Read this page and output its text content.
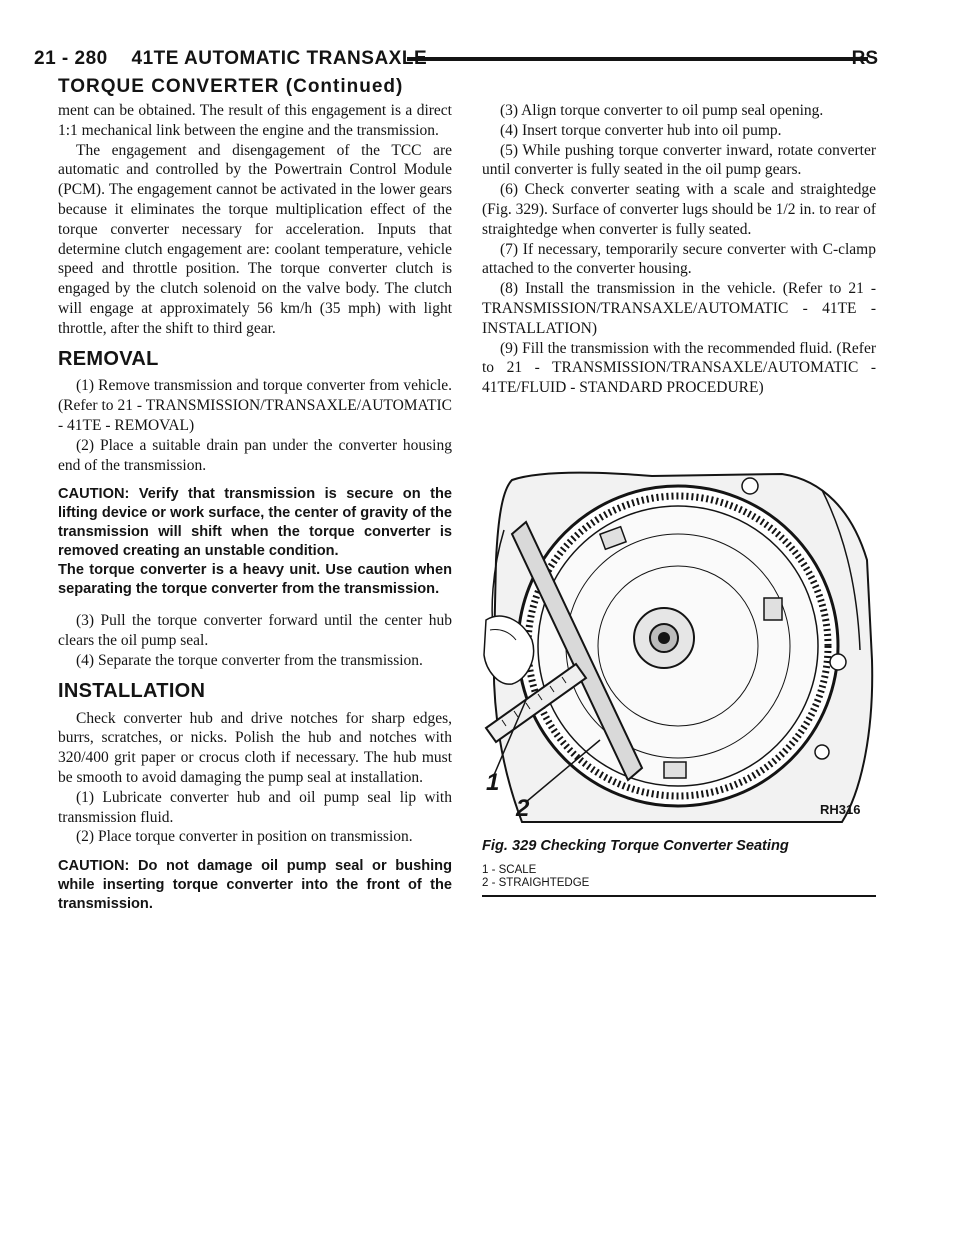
21 - 280 41TE AUTOMATIC TRANSAXLE	RS
TORQUE CONVERTER (Continued)

ment can be obtained. The result of this engagement is a direct 1:1 mechanical link between the engine and the transmission.

The engagement and disengagement of the TCC are automatic and controlled by the Powertrain Control Module (PCM). The engagement cannot be activated in the lower gears because it eliminates the torque multiplication effect of the torque converter necessary for acceleration. Inputs that determine clutch engagement are: coolant temperature, vehicle speed and throttle position. The torque converter clutch is engaged by the clutch solenoid on the valve body. The clutch will engage at approximately 56 km/h (35 mph) with light throttle, after the shift to third gear.

REMOVAL

(1) Remove transmission and torque converter from vehicle. (Refer to 21 - TRANSMISSION/TRANSAXLE/AUTOMATIC - 41TE - REMOVAL)

(2) Place a suitable drain pan under the converter housing end of the transmission.

CAUTION: Verify that transmission is secure on the lifting device or work surface, the center of gravity of the transmission will shift when the torque converter is removed creating an unstable condition.
The torque converter is a heavy unit. Use caution when separating the torque converter from the transmission.

(3) Pull the torque converter forward until the center hub clears the oil pump seal.

(4) Separate the torque converter from the transmission.

INSTALLATION

Check converter hub and drive notches for sharp edges, burrs, scratches, or nicks. Polish the hub and notches with 320/400 grit paper or crocus cloth if necessary. The hub must be smooth to avoid damaging the pump seal at installation.

(1) Lubricate converter hub and oil pump seal lip with transmission fluid.

(2) Place torque converter in position on transmission.

CAUTION: Do not damage oil pump seal or bushing while inserting torque converter into the front of the transmission.

(3) Align torque converter to oil pump seal opening.

(4) Insert torque converter hub into oil pump.

(5) While pushing torque converter inward, rotate converter until converter is fully seated in the oil pump gears.

(6) Check converter seating with a scale and straightedge (Fig. 329). Surface of converter lugs should be 1/2 in. to rear of straightedge when converter is fully seated.

(7) If necessary, temporarily secure converter with C-clamp attached to the converter housing.

(8) Install the transmission in the vehicle. (Refer to 21 - TRANSMISSION/TRANSAXLE/AUTOMATIC - 41TE - INSTALLATION)

(9) Fill the transmission with the recommended fluid. (Refer to 21 - TRANSMISSION/TRANSAXLE/AUTOMATIC - 41TE/FLUID - STANDARD PROCEDURE)

1
2	RH316
Fig. 329 Checking Torque Converter Seating
1 - SCALE
2 - STRAIGHTEDGE
